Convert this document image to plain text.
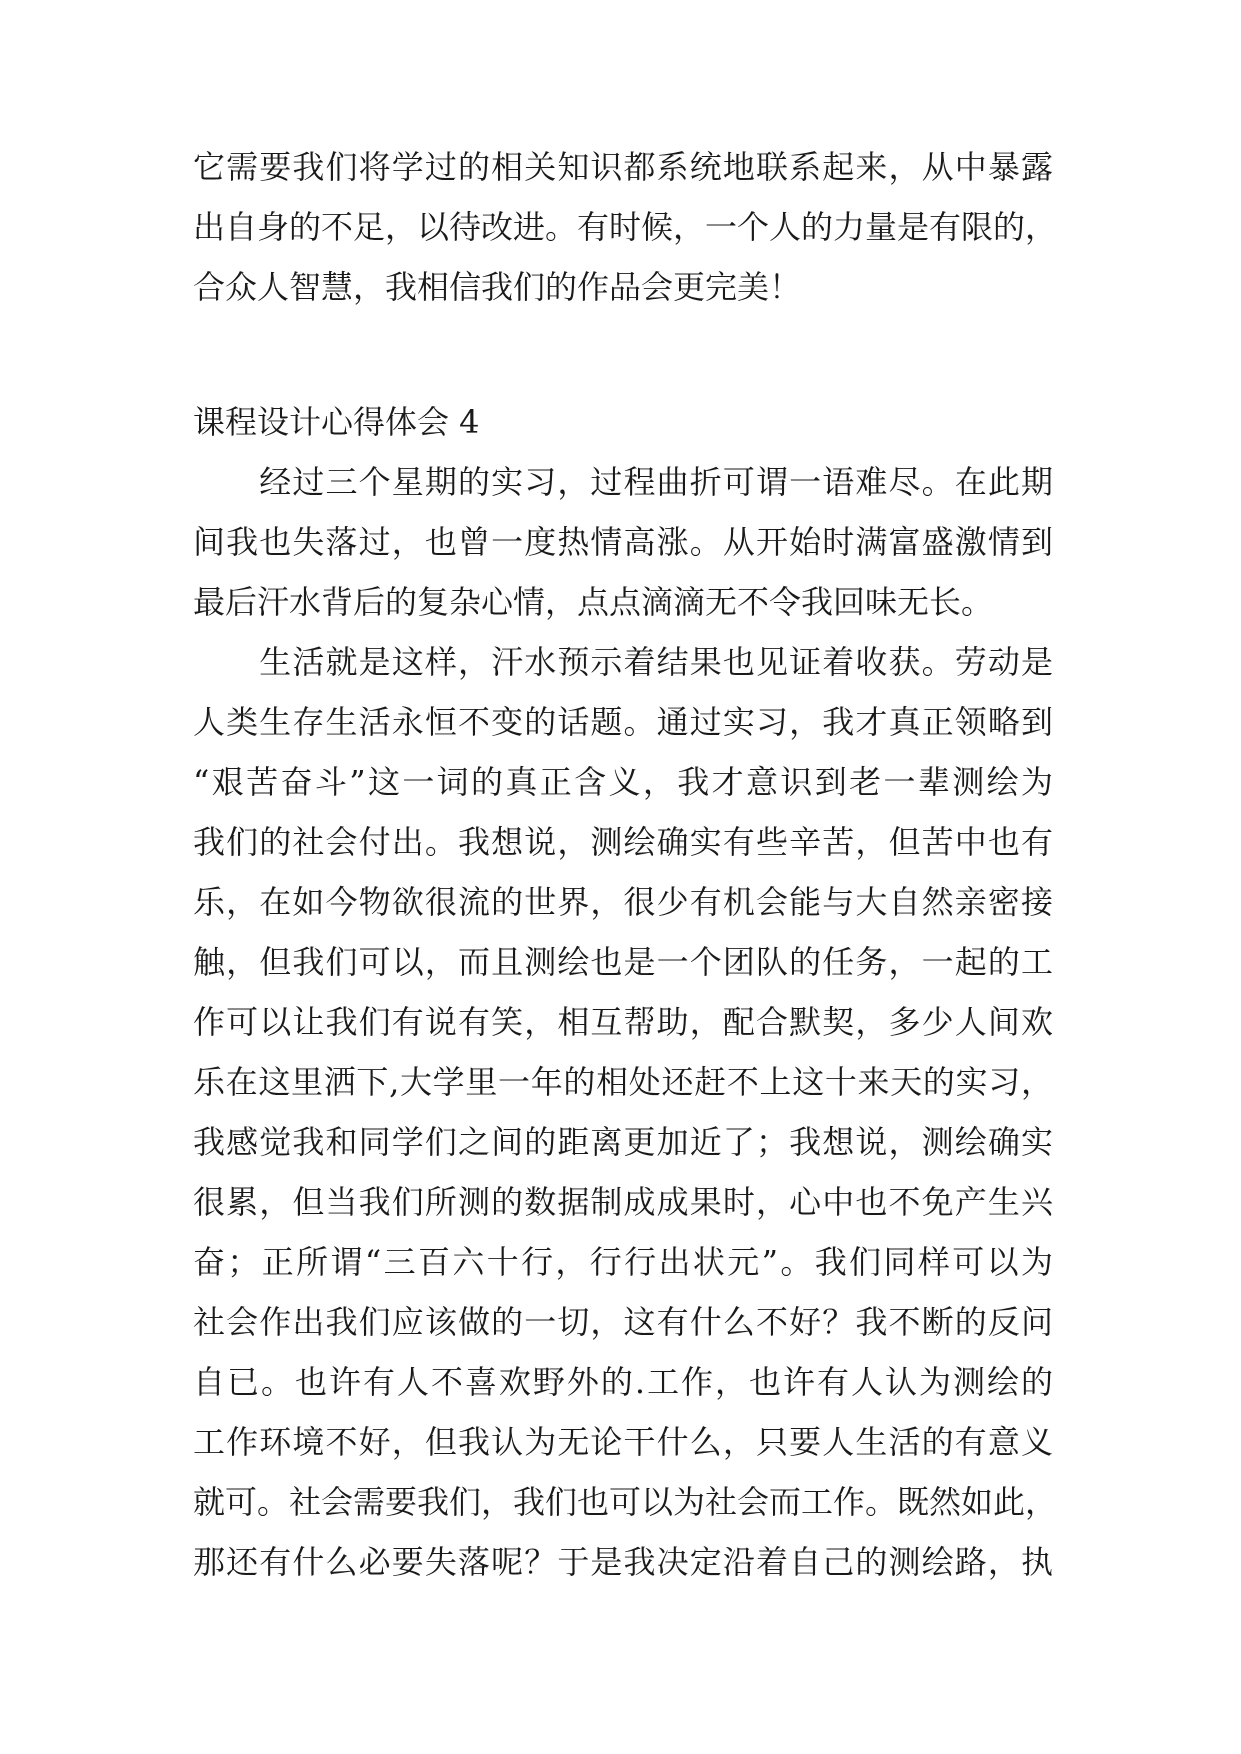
它需要我们将学过的相关知识都系统地联系起来，从中暴露
出自身的不足，以待改进。有时候，一个人的力量是有限的，
合众人智慧，我相信我们的作品会更完美！
课程设计心得体会 4
　　经过三个星期的实习，过程曲折可谓一语难尽。在此期
间我也失落过，也曾一度热情高涨。从开始时满富盛激情到
最后汗水背后的复杂心情，点点滴滴无不令我回味无长。
　　生活就是这样，汗水预示着结果也见证着收获。劳动是
人类生存生活永恒不变的话题。通过实习，我才真正领略到
“艰苦奋斗”这一词的真正含义，我才意识到老一辈测绘为
我们的社会付出。我想说，测绘确实有些辛苦，但苦中也有
乐，在如今物欲很流的世界，很少有机会能与大自然亲密接
触，但我们可以，而且测绘也是一个团队的任务，一起的工
作可以让我们有说有笑，相互帮助，配合默契，多少人间欢
乐在这里洒下,大学里一年的相处还赶不上这十来天的实习，
我感觉我和同学们之间的距离更加近了；我想说，测绘确实
很累，但当我们所测的数据制成成果时，心中也不免产生兴
奋；正所谓“三百六十行，行行出状元”。我们同样可以为
社会作出我们应该做的一切，这有什么不好？我不断的反问
自已。也许有人不喜欢野外的.工作，也许有人认为测绘的
工作环境不好，但我认为无论干什么，只要人生活的有意义
就可。社会需要我们，我们也可以为社会而工作。既然如此，
那还有什么必要失落呢？于是我决定沿着自己的测绘路，执
